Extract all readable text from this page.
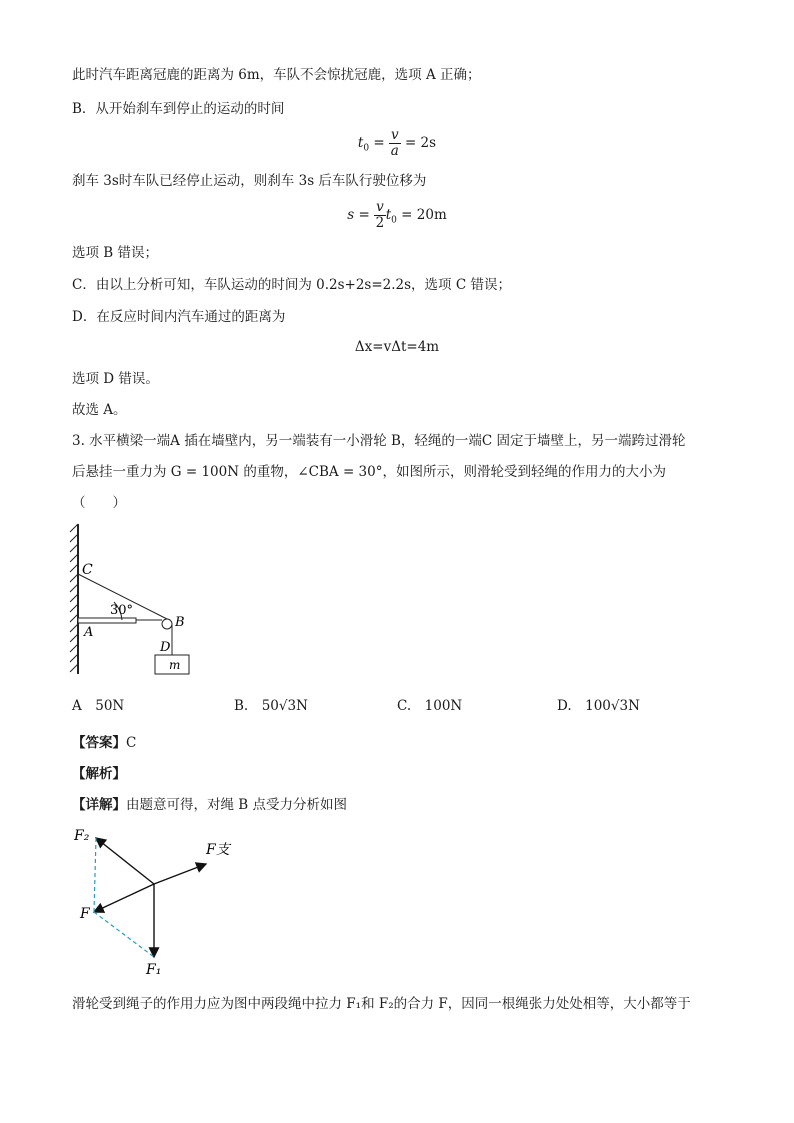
此时汽车距离冠鹿的距离为 6m，车队不会惊扰冠鹿，选项 A 正确；
B．从开始刹车到停止的运动的时间
$t_0 = \frac{v}{a} = 2s$
刹车 3s时车队已经停止运动，则刹车 3s 后车队行驶位移为
$s = \frac{v}{2} t_0 = 20m$
选项 B 错误；
C．由以上分析可知，车队运动的时间为 0.2s+2s=2.2s，选项 C 错误；
D．在反应时间内汽车通过的距离为
Δx=vΔt=4m
选项 D 错误。
故选 A。
3. 水平横梁一端A 插在墙壁内，另一端装有一小滑轮 B，轻绳的一端C 固定于墙壁上，另一端跨过滑轮
后悬挂一重力为 G = 100N 的重物，∠CBA = 30°，如图所示，则滑轮受到轻绳的作用力的大小为
（　　）
C
A
B
D
m
30°
A　50N	B.　50√3N	C.　100N	D.　100√3N
【答案】C
【解析】
【详解】由题意可得，对绳 B 点受力分析如图
F₂
F支
F
F₁
滑轮受到绳子的作用力应为图中两段绳中拉力 F₁和 F₂的合力 F，因同一根绳张力处处相等，大小都等于
